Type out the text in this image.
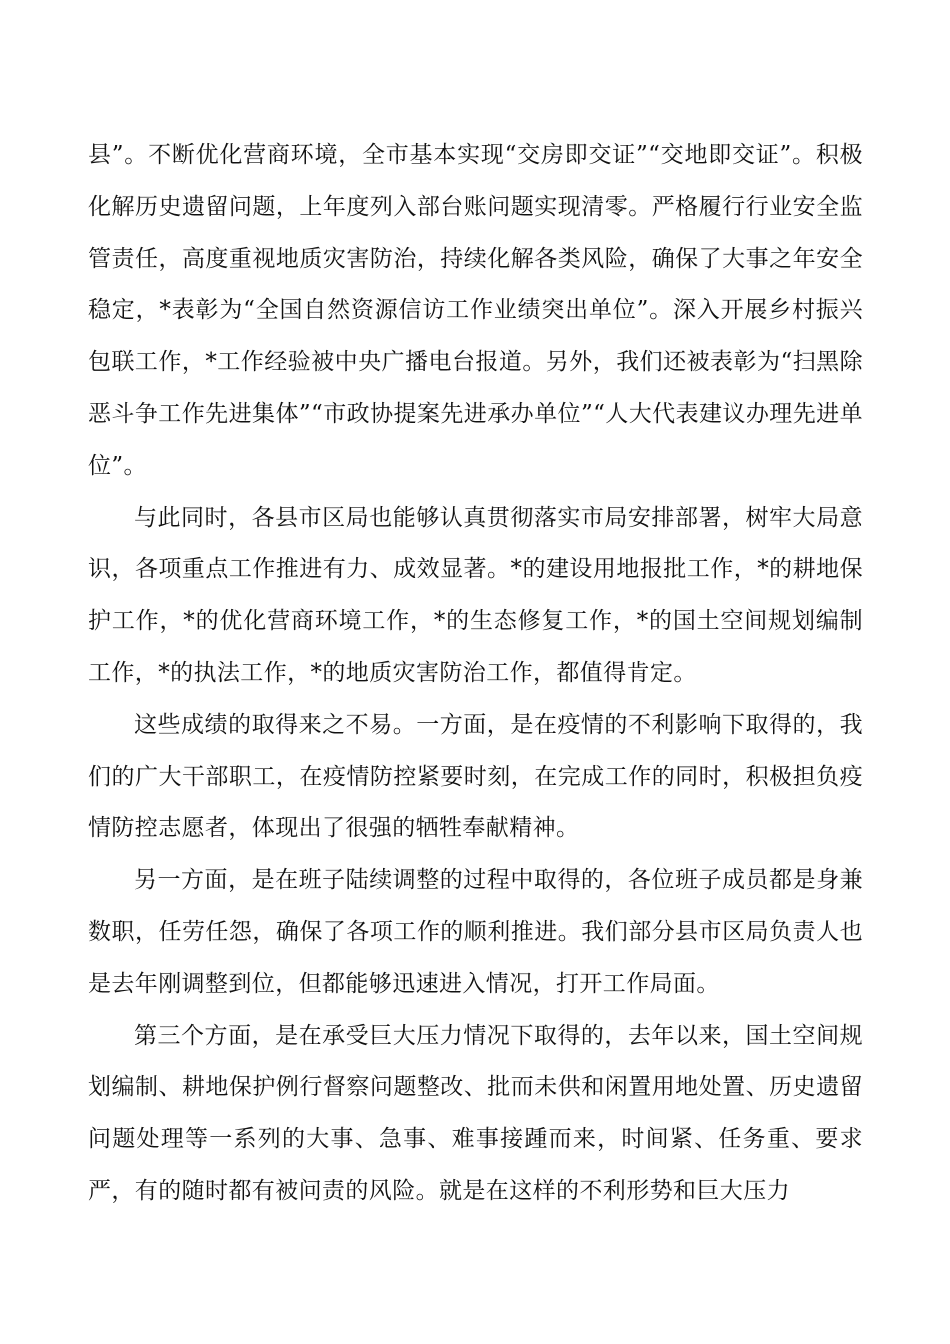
县”。不断优化营商环境，全市基本实现“交房即交证”“交地即交证”。积极化解历史遗留问题，上年度列入部台账问题实现清零。严格履行行业安全监管责任，高度重视地质灾害防治，持续化解各类风险，确保了大事之年安全稳定，*表彰为“全国自然资源信访工作业绩突出单位”。深入开展乡村振兴包联工作，*工作经验被中央广播电台报道。另外，我们还被表彰为“扫黑除恶斗争工作先进集体”“市政协提案先进承办单位”“人大代表建议办理先进单位”。

与此同时，各县市区局也能够认真贯彻落实市局安排部署，树牢大局意识，各项重点工作推进有力、成效显著。*的建设用地报批工作，*的耕地保护工作，*的优化营商环境工作，*的生态修复工作，*的国土空间规划编制工作，*的执法工作，*的地质灾害防治工作，都值得肯定。

这些成绩的取得来之不易。一方面，是在疫情的不利影响下取得的，我们的广大干部职工，在疫情防控紧要时刻，在完成工作的同时，积极担负疫情防控志愿者，体现出了很强的牺牲奉献精神。

另一方面，是在班子陆续调整的过程中取得的，各位班子成员都是身兼数职，任劳任怨，确保了各项工作的顺利推进。我们部分县市区局负责人也是去年刚调整到位，但都能够迅速进入情况，打开工作局面。

第三个方面，是在承受巨大压力情况下取得的，去年以来，国土空间规划编制、耕地保护例行督察问题整改、批而未供和闲置用地处置、历史遗留问题处理等一系列的大事、急事、难事接踵而来，时间紧、任务重、要求严，有的随时都有被问责的风险。就是在这样的不利形势和巨大压力
